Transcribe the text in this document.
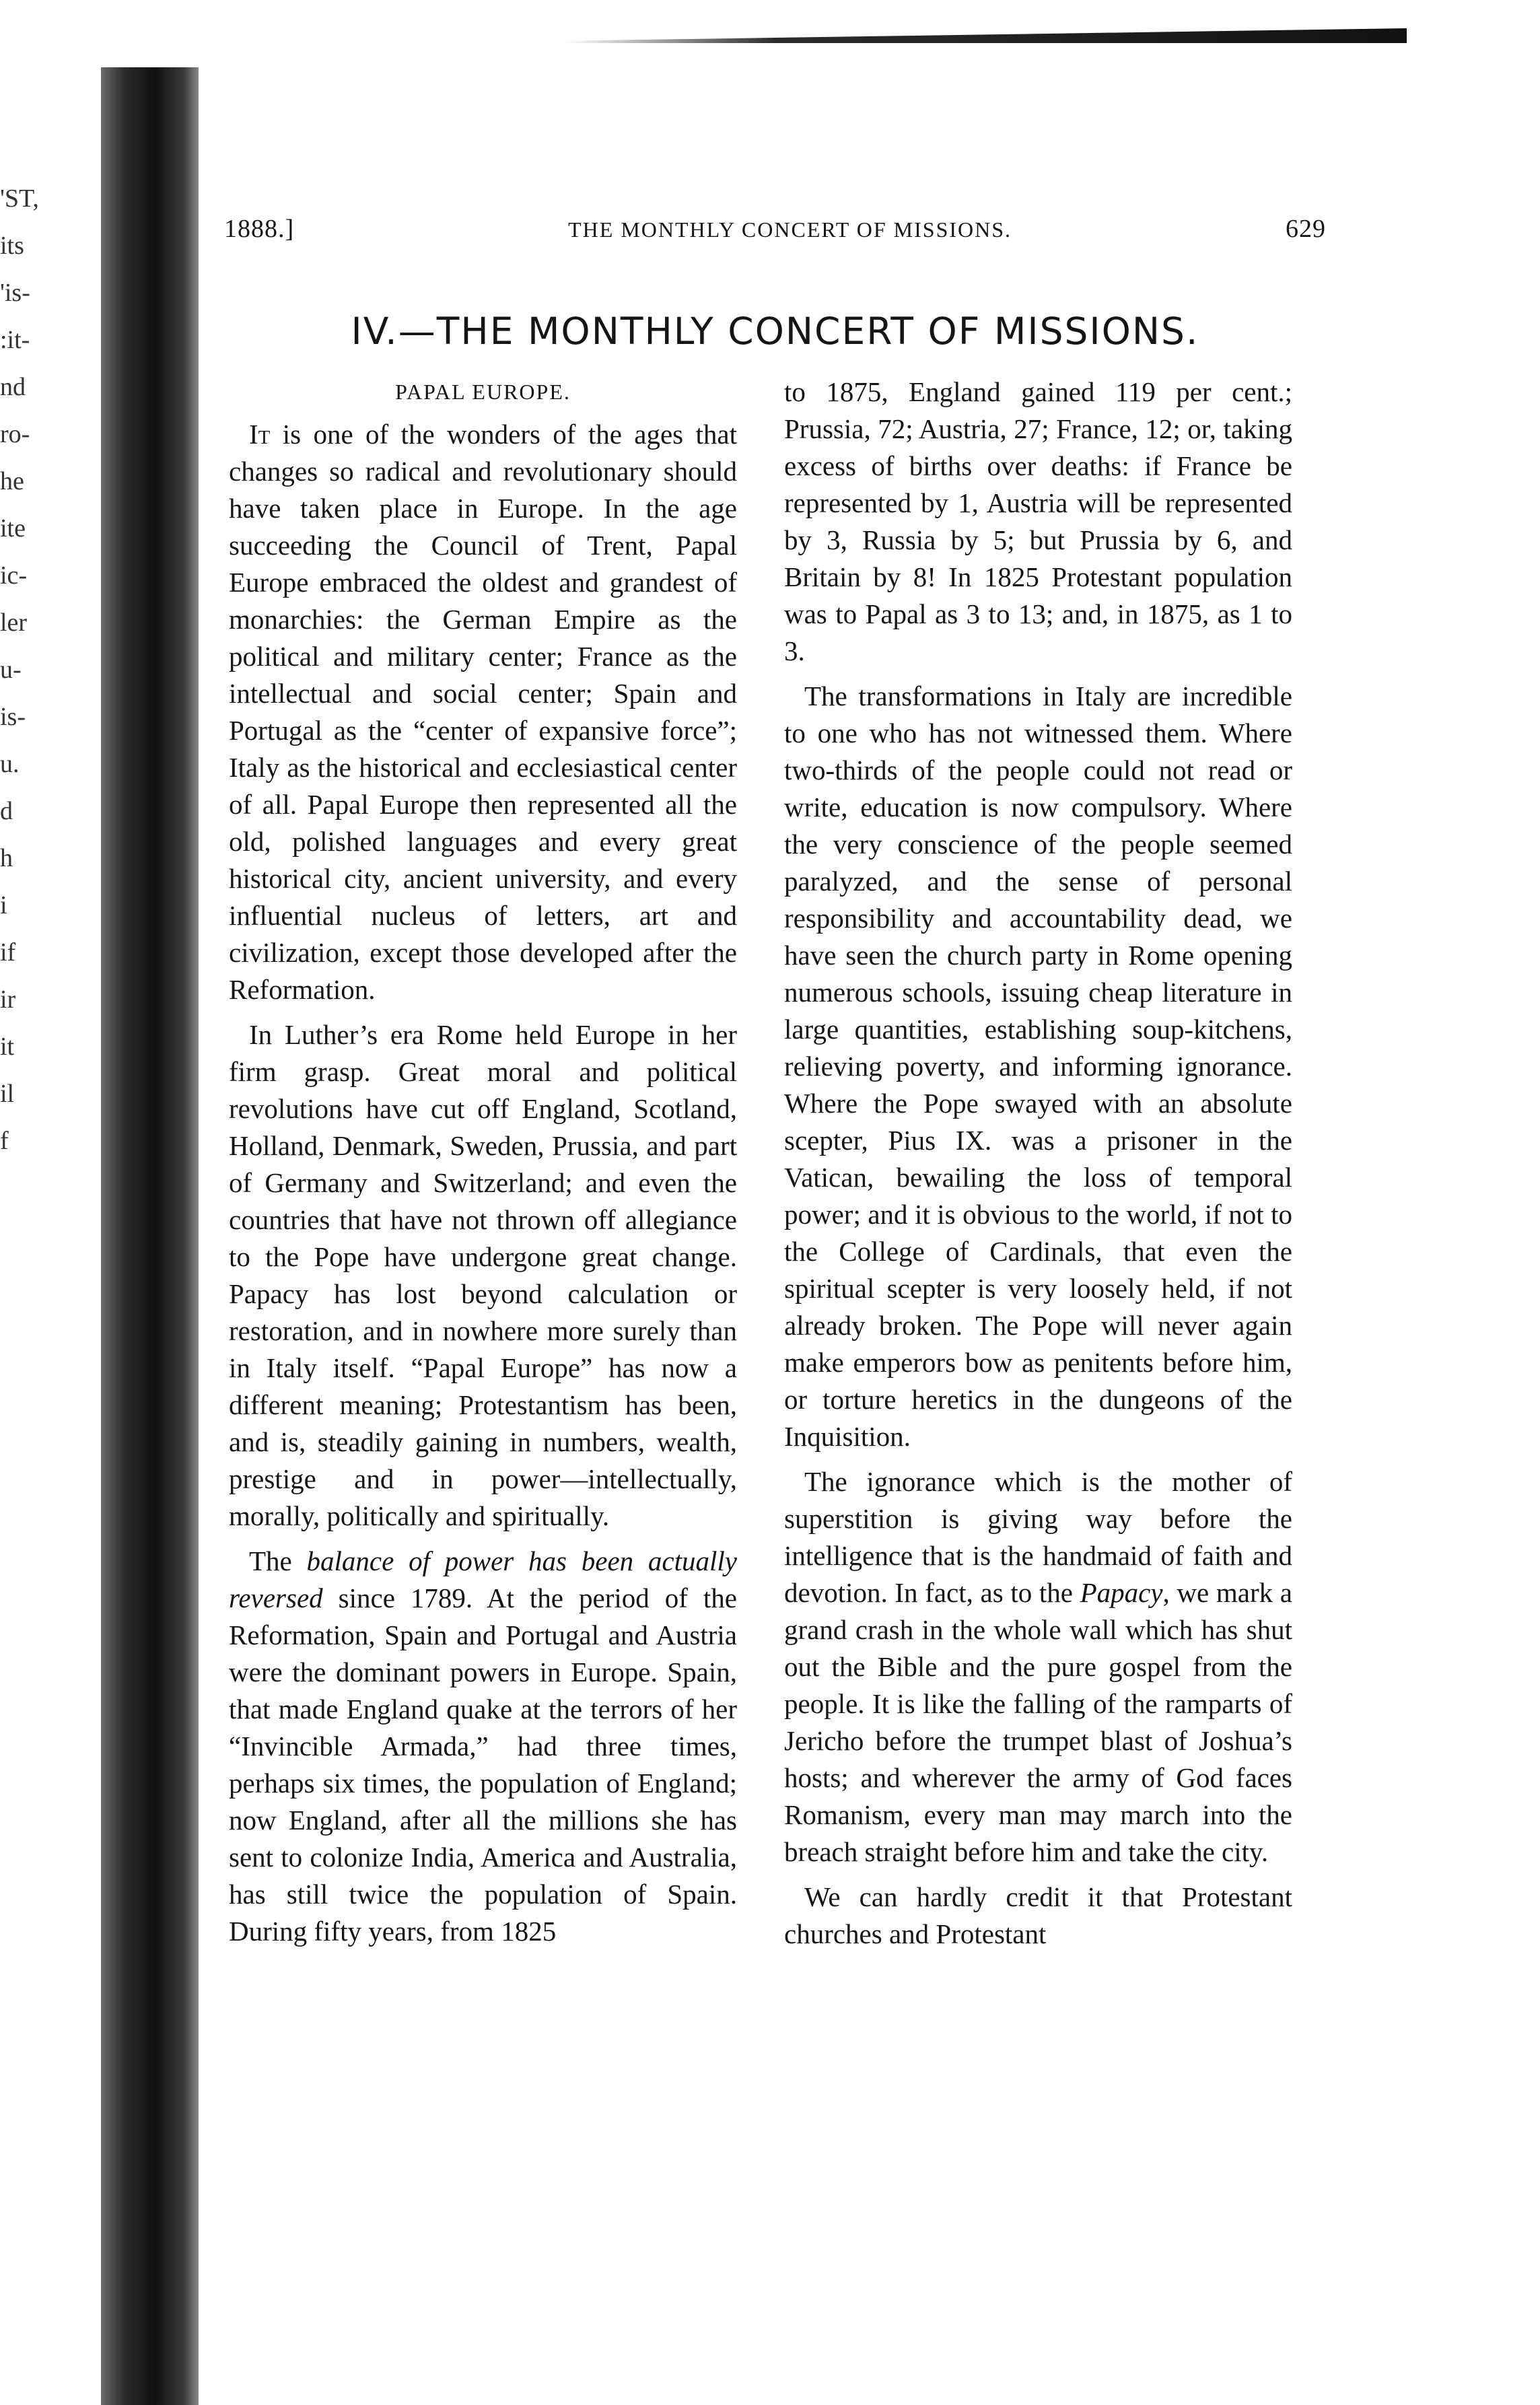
'ST,
its
'is-
:it-
nd
ro-
he
ite
ic-
ler
u-
is-
u.
d
h
i
if
ir
it
il
f
1888.]	THE MONTHLY CONCERT OF MISSIONS.	629
IV.—THE MONTHLY CONCERT OF MISSIONS.
PAPAL EUROPE.

It is one of the wonders of the ages that changes so radical and revolutionary should have taken place in Europe. In the age succeeding the Council of Trent, Papal Europe embraced the oldest and grandest of monarchies: the German Empire as the political and military center; France as the intellectual and social center; Spain and Portugal as the “center of expansive force”; Italy as the historical and ecclesiastical center of all. Papal Europe then represented all the old, polished languages and every great historical city, ancient university, and every influential nucleus of letters, art and civilization, except those developed after the Reformation.

In Luther’s era Rome held Europe in her firm grasp. Great moral and political revolutions have cut off England, Scotland, Holland, Denmark, Sweden, Prussia, and part of Germany and Switzerland; and even the countries that have not thrown off allegiance to the Pope have undergone great change. Papacy has lost beyond calculation or restoration, and in nowhere more surely than in Italy itself. “Papal Europe” has now a different meaning; Protestantism has been, and is, steadily gaining in numbers, wealth, prestige and in power—intellectually, morally, politically and spiritually.

The balance of power has been actually reversed since 1789. At the period of the Reformation, Spain and Portugal and Austria were the dominant powers in Europe. Spain, that made England quake at the terrors of her “Invincible Armada,” had three times, perhaps six times, the population of England; now England, after all the millions she has sent to colonize India, America and Australia, has still twice the population of Spain. During fifty years, from 1825

to 1875, England gained 119 per cent.; Prussia, 72; Austria, 27; France, 12; or, taking excess of births over deaths: if France be represented by 1, Austria will be represented by 3, Russia by 5; but Prussia by 6, and Britain by 8! In 1825 Protestant population was to Papal as 3 to 13; and, in 1875, as 1 to 3.

The transformations in Italy are incredible to one who has not witnessed them. Where two-thirds of the people could not read or write, education is now compulsory. Where the very conscience of the people seemed paralyzed, and the sense of personal responsibility and accountability dead, we have seen the church party in Rome opening numerous schools, issuing cheap literature in large quantities, establishing soup-kitchens, relieving poverty, and informing ignorance. Where the Pope swayed with an absolute scepter, Pius IX. was a prisoner in the Vatican, bewailing the loss of temporal power; and it is obvious to the world, if not to the College of Cardinals, that even the spiritual scepter is very loosely held, if not already broken. The Pope will never again make emperors bow as penitents before him, or torture heretics in the dungeons of the Inquisition.

The ignorance which is the mother of superstition is giving way before the intelligence that is the handmaid of faith and devotion. In fact, as to the Papacy, we mark a grand crash in the whole wall which has shut out the Bible and the pure gospel from the people. It is like the falling of the ramparts of Jericho before the trumpet blast of Joshua’s hosts; and wherever the army of God faces Romanism, every man may march into the breach straight before him and take the city.

We can hardly credit it that Protestant churches and Protestant
